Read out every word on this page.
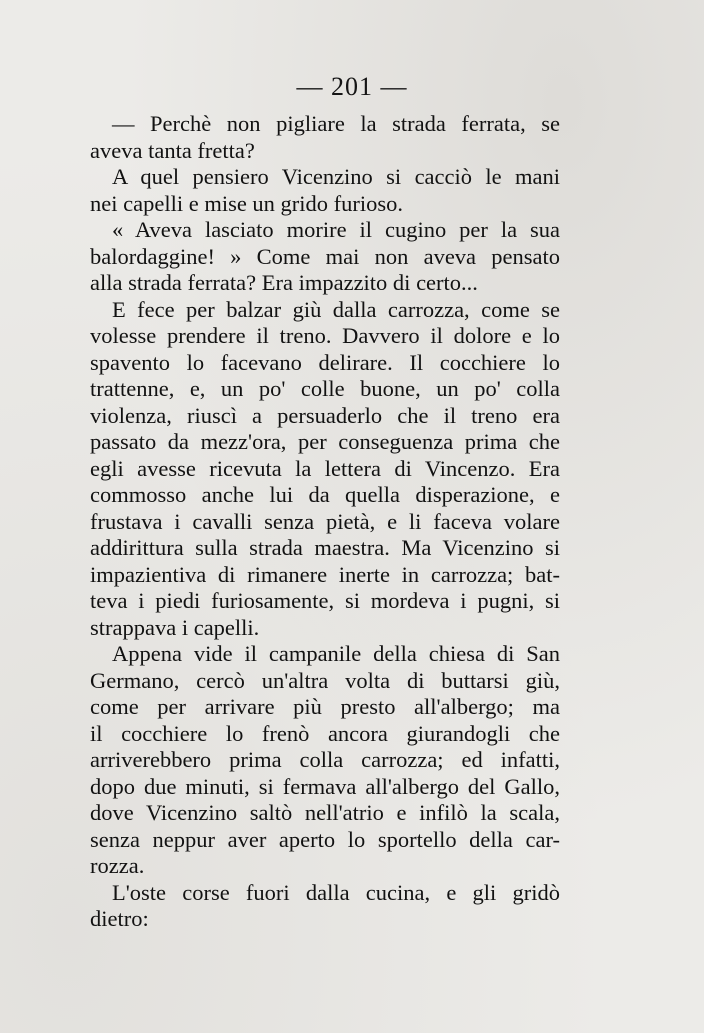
— 201 —
— Perchè non pigliare la strada ferrata, se
aveva tanta fretta?
A quel pensiero Vicenzino si cacciò le mani
nei capelli e mise un grido furioso.
« Aveva lasciato morire il cugino per la sua
balordaggine! » Come mai non aveva pensato
alla strada ferrata? Era impazzito di certo...
E fece per balzar giù dalla carrozza, come se
volesse prendere il treno. Davvero il dolore e lo
spavento lo facevano delirare. Il cocchiere lo
trattenne, e, un po' colle buone, un po' colla
violenza, riuscì a persuaderlo che il treno era
passato da mezz'ora, per conseguenza prima che
egli avesse ricevuta la lettera di Vincenzo. Era
commosso anche lui da quella disperazione, e
frustava i cavalli senza pietà, e li faceva volare
addirittura sulla strada maestra. Ma Vicenzino si
impazientiva di rimanere inerte in carrozza; bat-
teva i piedi furiosamente, si mordeva i pugni, si
strappava i capelli.
Appena vide il campanile della chiesa di San
Germano, cercò un'altra volta di buttarsi giù,
come per arrivare più presto all'albergo; ma
il cocchiere lo frenò ancora giurandogli che
arriverebbero prima colla carrozza; ed infatti,
dopo due minuti, si fermava all'albergo del Gallo,
dove Vicenzino saltò nell'atrio e infilò la scala,
senza neppur aver aperto lo sportello della car-
rozza.
L'oste corse fuori dalla cucina, e gli gridò
dietro:
